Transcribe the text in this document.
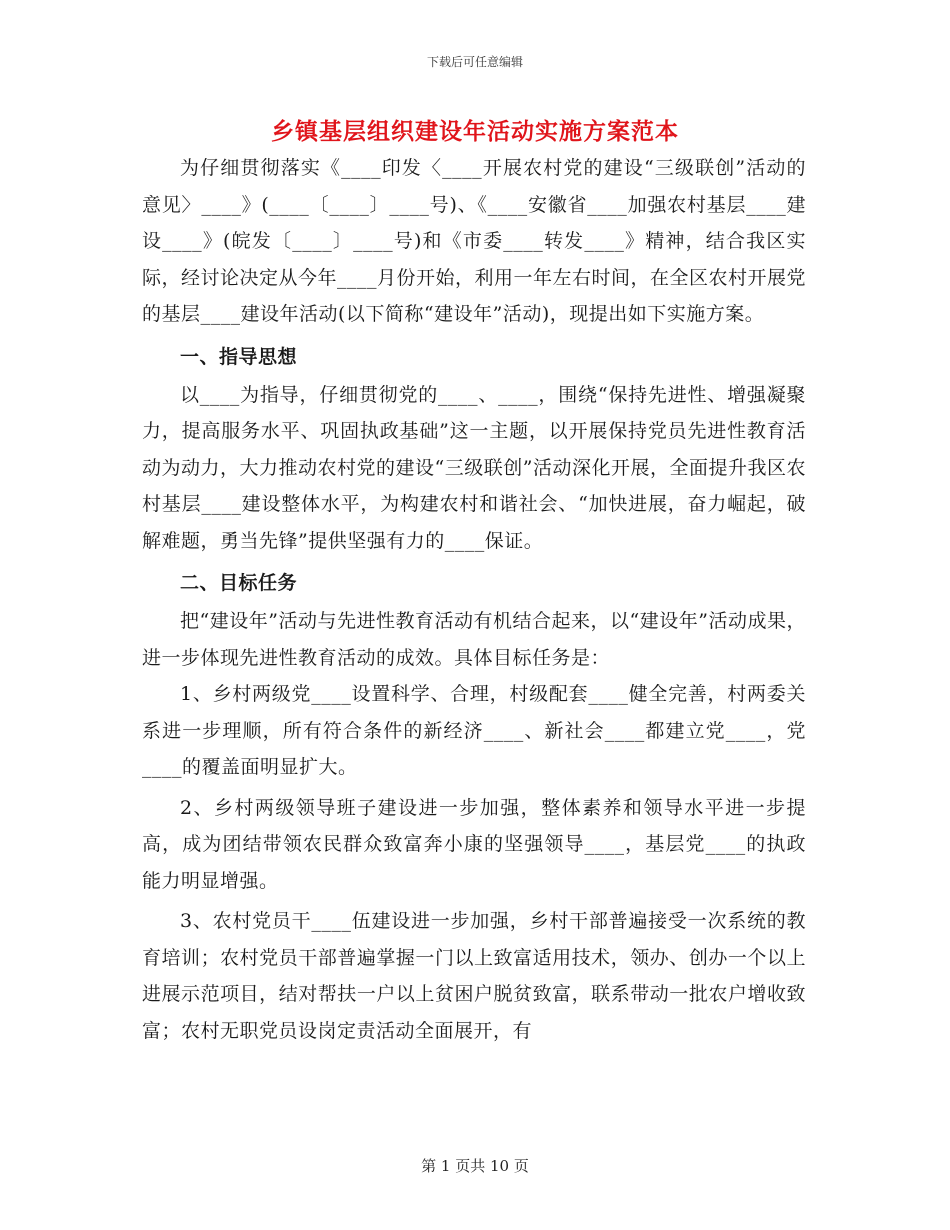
下载后可任意编辑
乡镇基层组织建设年活动实施方案范本

为仔细贯彻落实《____印发〈____开展农村党的建设“三级联创”活动的意见〉____》(____〔____〕____号)、《____安徽省____加强农村基层____建设____》(皖发〔____〕____号)和《市委____转发____》精神，结合我区实际，经讨论决定从今年____月份开始，利用一年左右时间，在全区农村开展党的基层____建设年活动(以下简称“建设年”活动)，现提出如下实施方案。

一、指导思想

以____为指导，仔细贯彻党的____、____，围绕“保持先进性、增强凝聚力，提高服务水平、巩固执政基础”这一主题，以开展保持党员先进性教育活动为动力，大力推动农村党的建设“三级联创”活动深化开展，全面提升我区农村基层____建设整体水平，为构建农村和谐社会、“加快进展，奋力崛起，破解难题，勇当先锋”提供坚强有力的____保证。

二、目标任务

把“建设年”活动与先进性教育活动有机结合起来，以“建设年”活动成果，进一步体现先进性教育活动的成效。具体目标任务是：

1、乡村两级党____设置科学、合理，村级配套____健全完善，村两委关系进一步理顺，所有符合条件的新经济____、新社会____都建立党____，党____的覆盖面明显扩大。

2、乡村两级领导班子建设进一步加强，整体素养和领导水平进一步提高，成为团结带领农民群众致富奔小康的坚强领导____，基层党____的执政能力明显增强。

3、农村党员干____伍建设进一步加强，乡村干部普遍接受一次系统的教育培训；农村党员干部普遍掌握一门以上致富适用技术，领办、创办一个以上进展示范项目，结对帮扶一户以上贫困户脱贫致富，联系带动一批农户增收致富；农村无职党员设岗定责活动全面展开，有

第 1 页共 10 页
